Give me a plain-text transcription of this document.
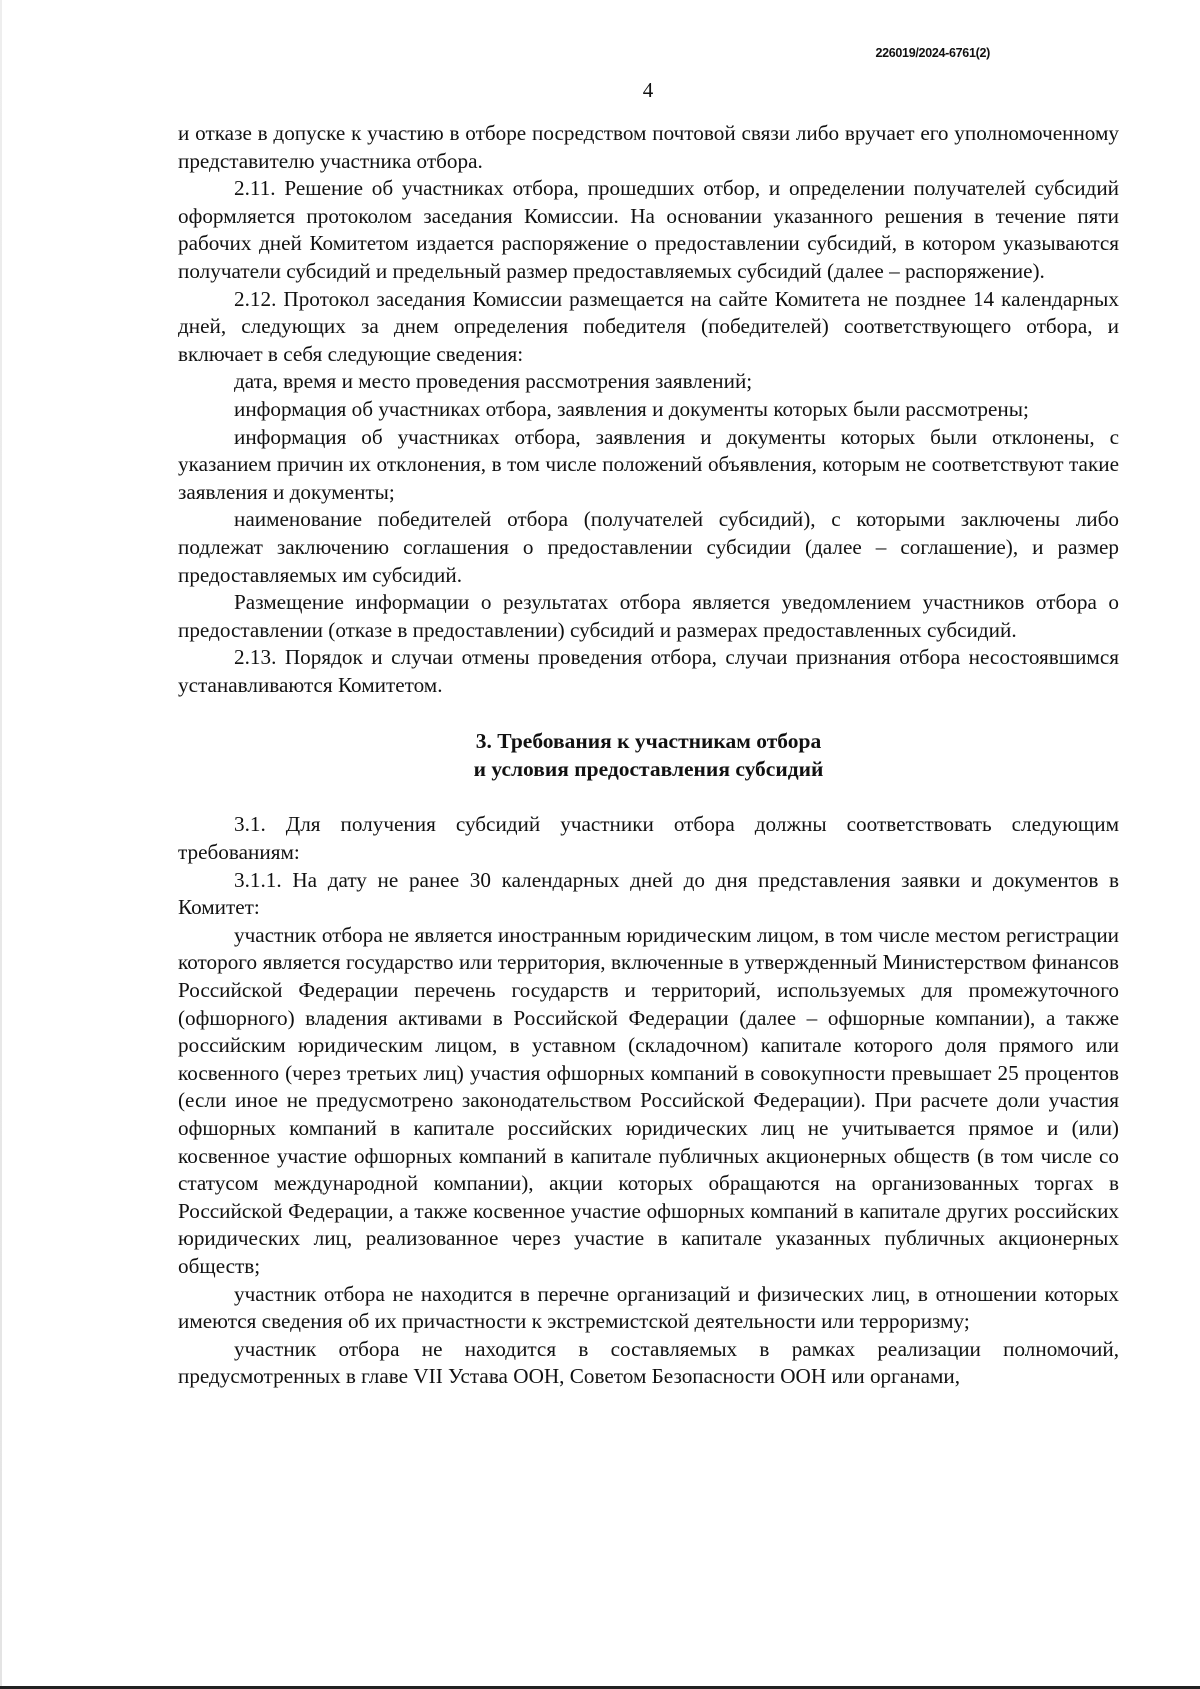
226019/2024-6761(2)
4

и отказе в допуске к участию в отборе посредством почтовой связи либо вручает его уполномоченному представителю участника отбора.

2.11. Решение об участниках отбора, прошедших отбор, и определении получателей субсидий оформляется протоколом заседания Комиссии. На основании указанного решения в течение пяти рабочих дней Комитетом издается распоряжение о предоставлении субсидий, в котором указываются получатели субсидий и предельный размер предоставляемых субсидий (далее – распоряжение).

2.12. Протокол заседания Комиссии размещается на сайте Комитета не позднее 14 календарных дней, следующих за днем определения победителя (победителей) соответствующего отбора, и включает в себя следующие сведения:

дата, время и место проведения рассмотрения заявлений;

информация об участниках отбора, заявления и документы которых были рассмотрены;

информация об участниках отбора, заявления и документы которых были отклонены, с указанием причин их отклонения, в том числе положений объявления, которым не соответствуют такие заявления и документы;

наименование победителей отбора (получателей субсидий), с которыми заключены либо подлежат заключению соглашения о предоставлении субсидии (далее – соглашение), и размер предоставляемых им субсидий.

Размещение информации о результатах отбора является уведомлением участников отбора о предоставлении (отказе в предоставлении) субсидий и размерах предоставленных субсидий.

2.13. Порядок и случаи отмены проведения отбора, случаи признания отбора несостоявшимся устанавливаются Комитетом.

3. Требования к участникам отбора
и условия предоставления субсидий

3.1. Для получения субсидий участники отбора должны соответствовать следующим требованиям:

3.1.1. На дату не ранее 30 календарных дней до дня представления заявки и документов в Комитет:

участник отбора не является иностранным юридическим лицом, в том числе местом регистрации которого является государство или территория, включенные в утвержденный Министерством финансов Российской Федерации перечень государств и территорий, используемых для промежуточного (офшорного) владения активами в Российской Федерации (далее – офшорные компании), а также российским юридическим лицом, в уставном (складочном) капитале которого доля прямого или косвенного (через третьих лиц) участия офшорных компаний в совокупности превышает 25 процентов (если иное не предусмотрено законодательством Российской Федерации). При расчете доли участия офшорных компаний в капитале российских юридических лиц не учитывается прямое и (или) косвенное участие офшорных компаний в капитале публичных акционерных обществ (в том числе со статусом международной компании), акции которых обращаются на организованных торгах в Российской Федерации, а также косвенное участие офшорных компаний в капитале других российских юридических лиц, реализованное через участие в капитале указанных публичных акционерных обществ;

участник отбора не находится в перечне организаций и физических лиц, в отношении которых имеются сведения об их причастности к экстремистской деятельности или терроризму;

участник отбора не находится в составляемых в рамках реализации полномочий, предусмотренных в главе VII Устава ООН, Советом Безопасности ООН или органами,
